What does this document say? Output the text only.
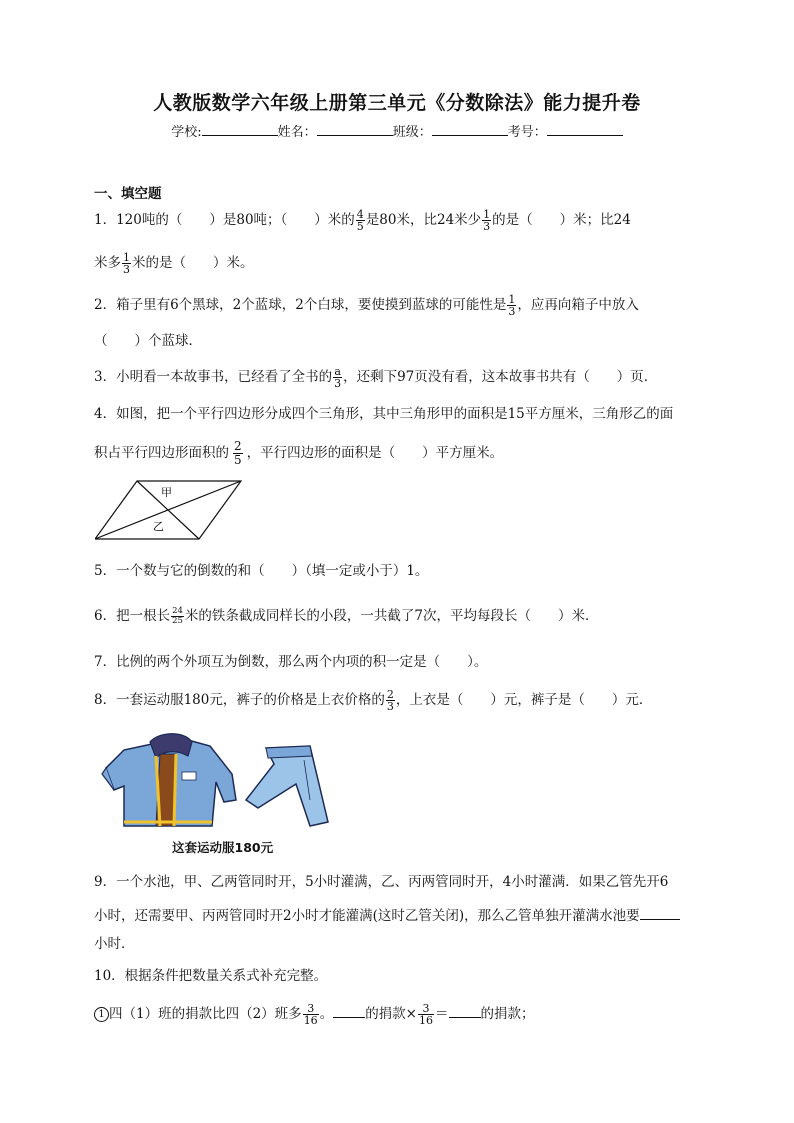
人教版数学六年级上册第三单元《分数除法》能力提升卷
学校:	姓名：	班级：	考号：
一、填空题
1．120吨的（　　）是80吨；（　　）米的 $\frac{4}{5}$ 是80米，比24米少 $\frac{1}{3}$ 的是（　　）米；比24
米多 $\frac{1}{3}$ 米的是（　　）米。
2．箱子里有6个黑球，2个蓝球，2个白球，要使摸到蓝球的可能性是 $\frac{1}{3}$ ，应再向箱子中放入
（　　）个蓝球．
3．小明看一本故事书，已经看了全书的 $\frac{a}{3}$ ，还剩下97页没有看，这本故事书共有（　　）页．
4．如图，把一个平行四边形分成四个三角形，其中三角形甲的面积是15平方厘米，三角形乙的面
积占平行四边形面积的 $\frac{2}{5}$ ，平行四边形的面积是（　　）平方厘米。
甲
乙
5．一个数与它的倒数的和（　　）（填一定或小于）1。
6．把一根长 $\frac{24}{25}$ 米的铁条截成同样长的小段，一共截了7次，平均每段长（　　）米．
7．比例的两个外项互为倒数，那么两个内项的积一定是（　　）。
8．一套运动服180元，裤子的价格是上衣价格的 $\frac{2}{3}$ ，上衣是（　　）元，裤子是（　　）元．
这套运动服180元
9．一个水池，甲、乙两管同时开，5小时灌满，乙、丙两管同时开，4小时灌满．如果乙管先开6
小时，还需要甲、丙两管同时开2小时才能灌满(这时乙管关闭)，那么乙管单独开灌满水池要
小时．
10．根据条件把数量关系式补充完整。
1 四（1）班的捐款比四（2）班多 $\frac{3}{16}$ 。 的捐款× $\frac{3}{16}$ ＝ 的捐款；
